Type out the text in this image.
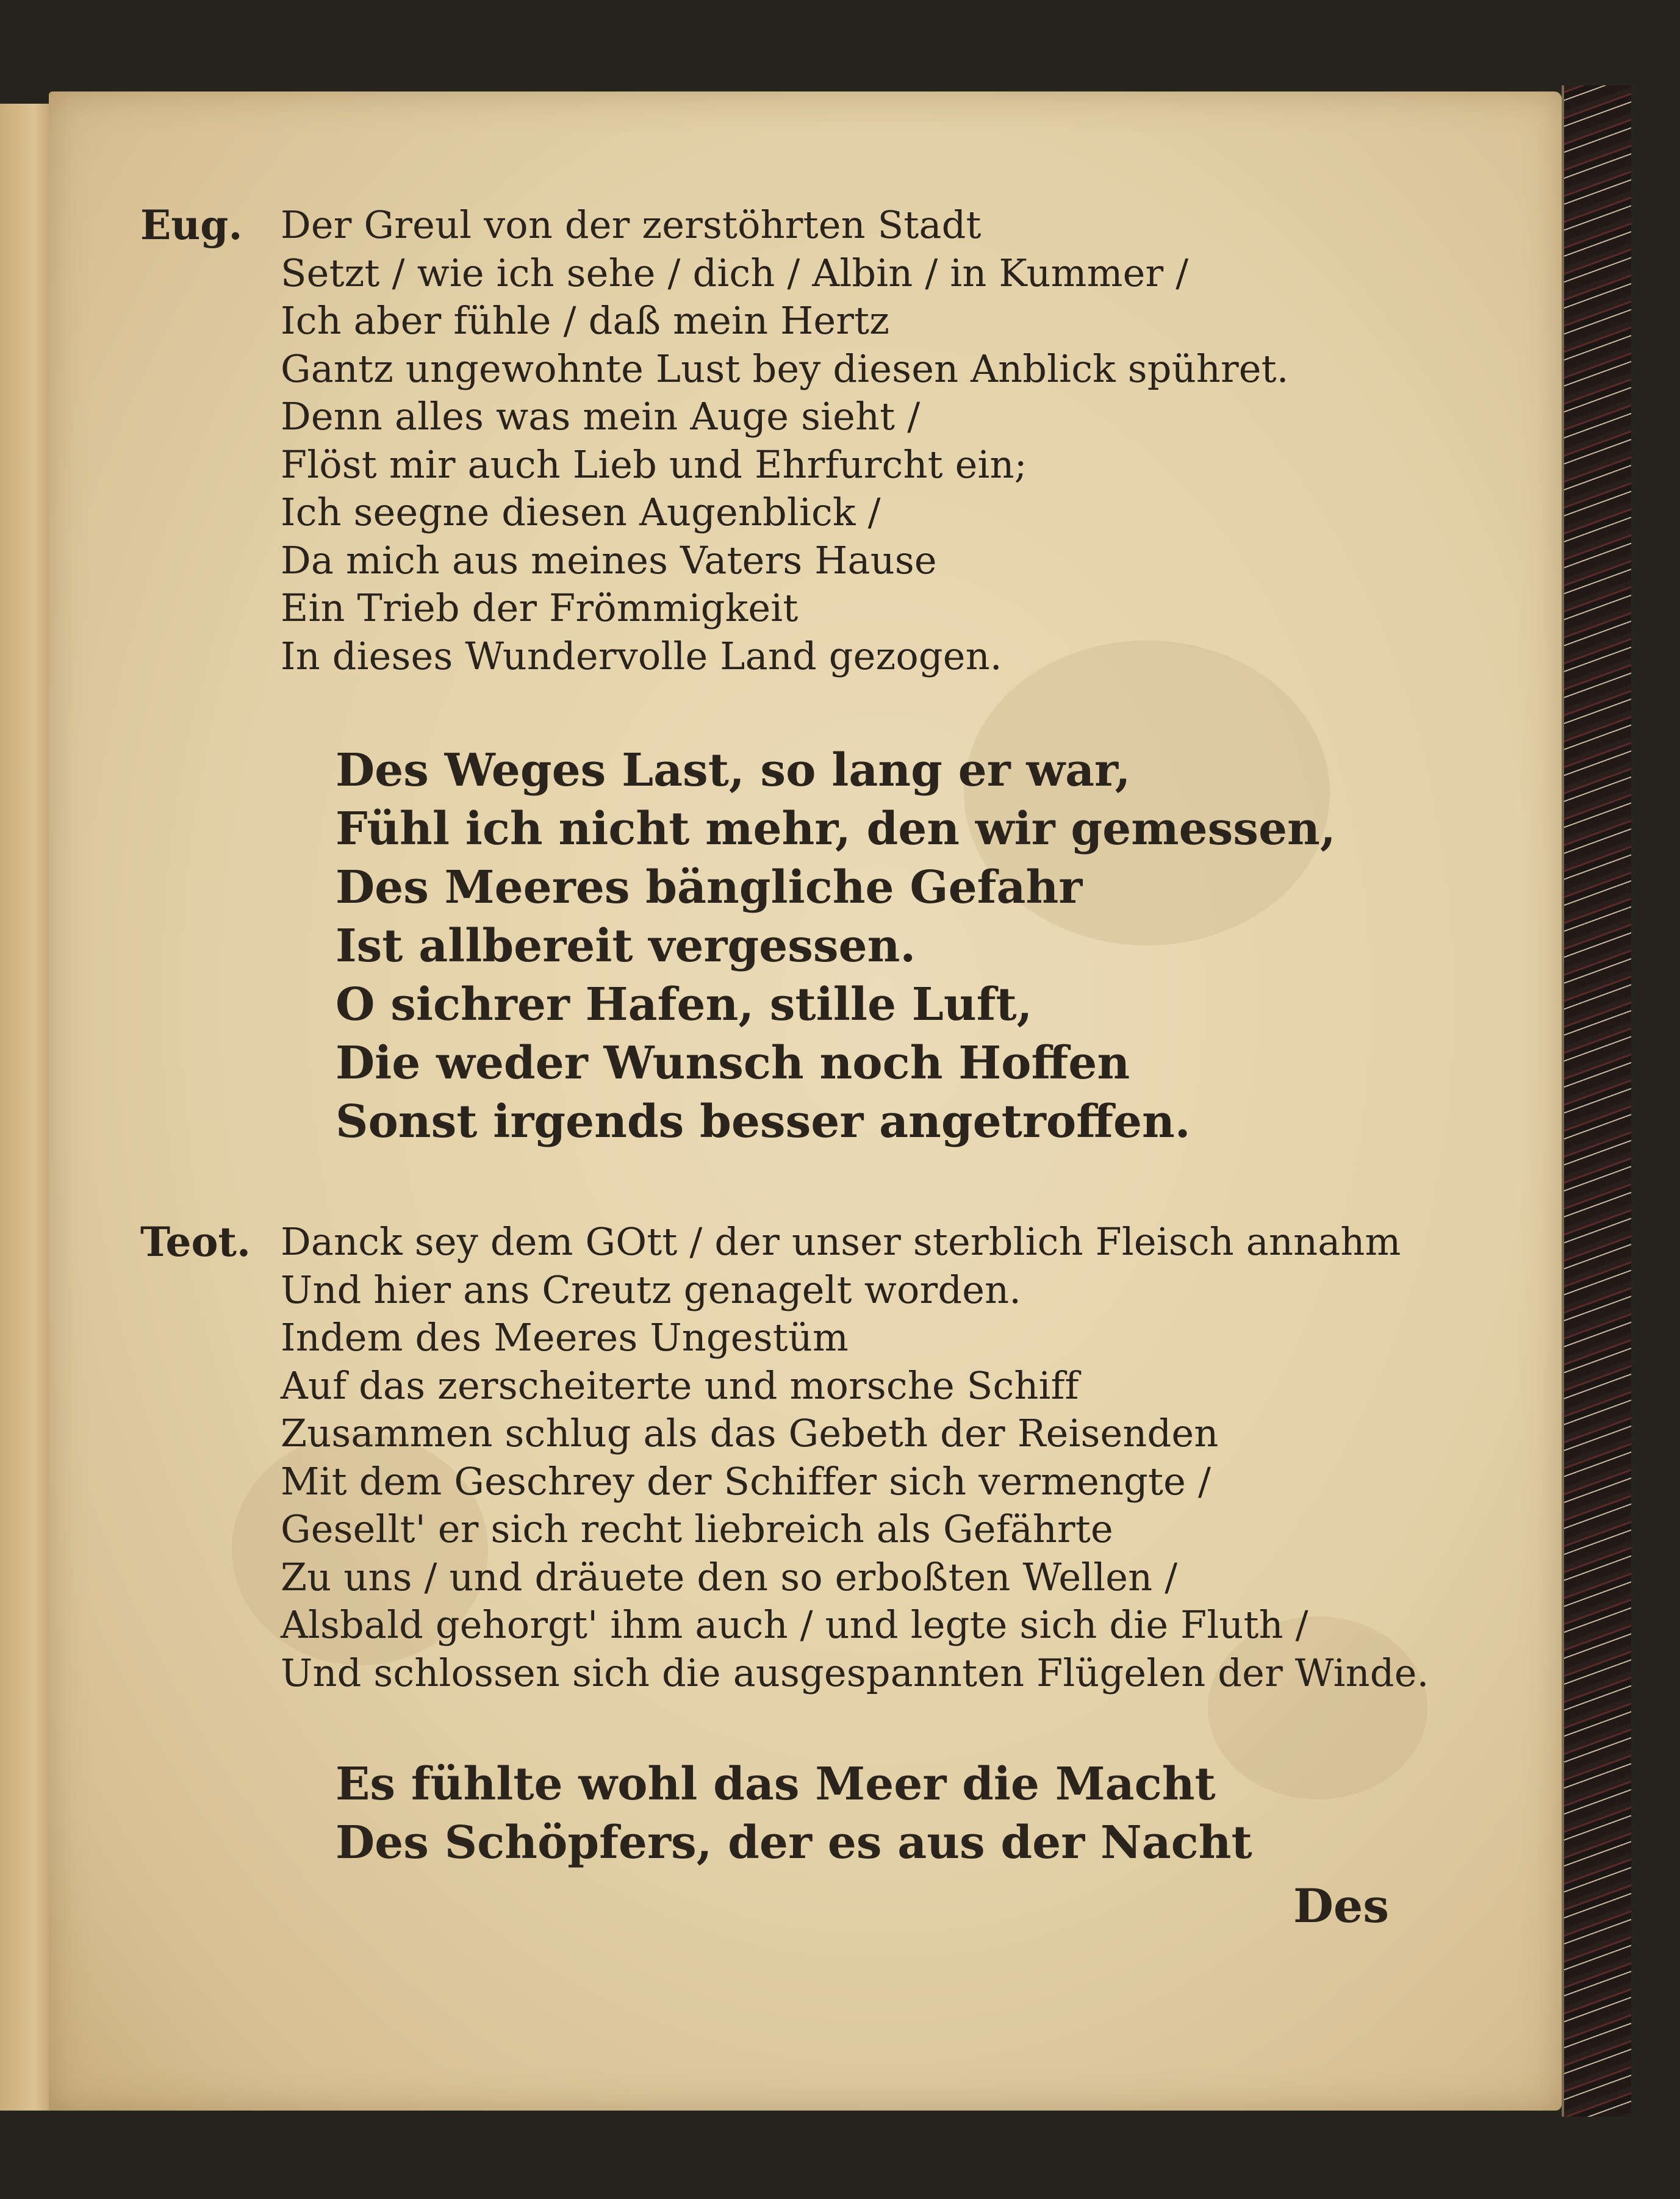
Eug.	Der Greul von der zerstöhrten Stadt
Setzt / wie ich sehe / dich / Albin / in Kummer /
Ich aber fühle / daß mein Hertz
Gantz ungewohnte Lust bey diesen Anblick spühret.
Denn alles was mein Auge sieht /
Flöst mir auch Lieb und Ehrfurcht ein;
Ich seegne diesen Augenblick /
Da mich aus meines Vaters Hause
Ein Trieb der Frömmigkeit
In dieses Wundervolle Land gezogen.
Des Weges Last, so lang er war,
Fühl ich nicht mehr, den wir gemessen,
Des Meeres bängliche Gefahr
Ist allbereit vergessen.
O sichrer Hafen, stille Luft,
Die weder Wunsch noch Hoffen
Sonst irgends besser angetroffen.
Teot. Danck sey dem GOtt / der unser sterblich Fleisch annahm
Und hier ans Creutz genagelt worden.
Indem des Meeres Ungestüm
Auf das zerscheiterte und morsche Schiff
Zusammen schlug als das Gebeth der Reisenden
Mit dem Geschrey der Schiffer sich vermengte /
Gesellt' er sich recht liebreich als Gefährte
Zu uns / und dräuete den so erboßten Wellen /
Alsbald gehorgt' ihm auch / und legte sich die Fluth /
Und schlossen sich die ausgespannten Flügelen der Winde.
Es fühlte wohl das Meer die Macht
Des Schöpfers, der es aus der Nacht
Des
